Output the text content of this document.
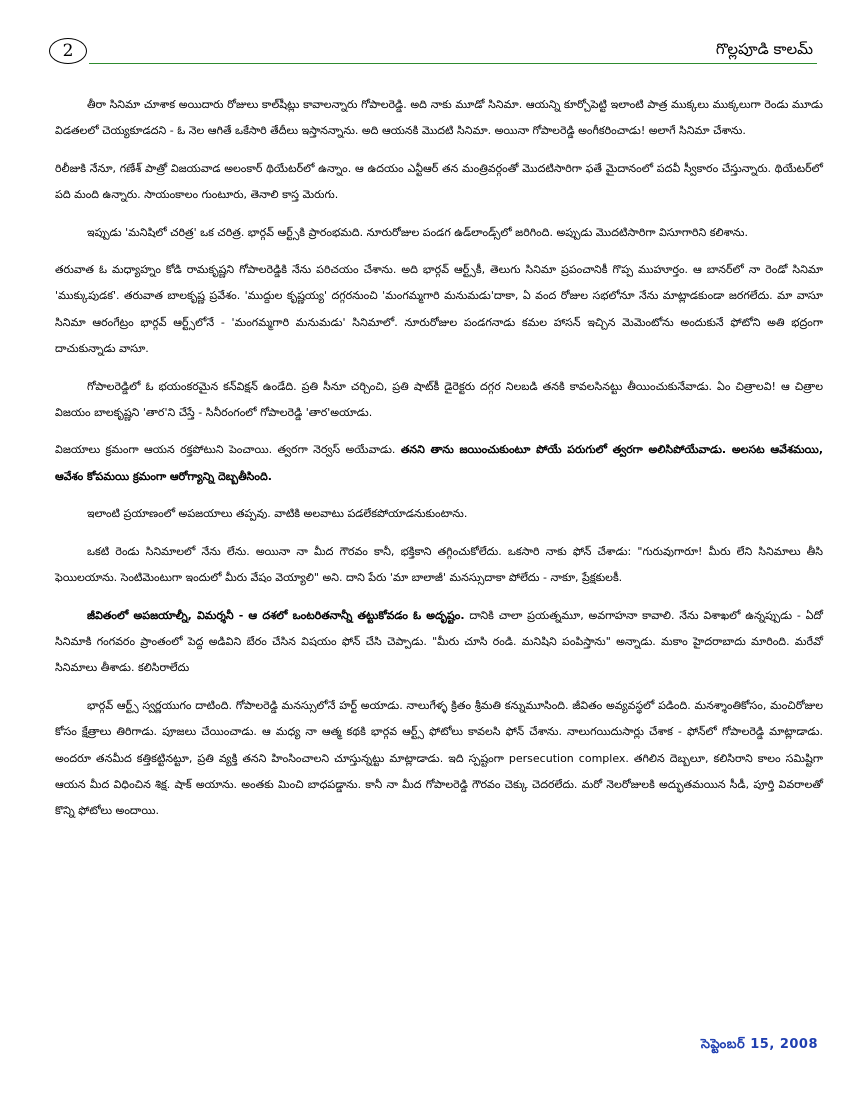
2	గొల్లపూడి కాలమ్

తీరా సినిమా చూశాక అయిదారు రోజులు కాల్‌షీట్లు కావాలన్నారు గోపాలరెడ్డి. అది నాకు మూడో సినిమా. ఆయన్ని కూర్చోపెట్టి ఇలాంటి పాత్ర ముక్కలు ముక్కలుగా రెండు మూడు విడతలలో చెయ్యకూడదని - ఓ నెల ఆగితే ఒకేసారి తేదీలు ఇస్తానన్నాను. అది ఆయనకి మొదటి సినిమా. అయినా గోపాలరెడ్డి అంగీకరించాడు! అలాగే సినిమా చేశాను.

రిలీజుకి నేనూ, గణేశ్ పాత్రో విజయవాడ అలంకార్ థియేటర్‌లో ఉన్నాం. ఆ ఉదయం ఎన్టీఆర్ తన మంత్రివర్గంతో మొదటిసారిగా ఫతే మైదానంలో పదవీ స్వీకారం చేస్తున్నారు. థియేటర్‌లో పది మంది ఉన్నారు. సాయంకాలం గుంటూరు, తెనాలి కాస్త మెరుగు.

ఇప్పుడు 'మనిషిలో చరిత్ర' ఒక చరిత్ర. భార్గవ్ ఆర్ట్స్‌కి ప్రారంభమది. నూరురోజుల పండగ ఉడ్‌లాండ్స్‌లో జరిగింది. అప్పుడు మొదటిసారిగా విసూగారిని కలిశాను.

తరువాత ఓ మధ్యాహ్నం కోడి రామకృష్ణని గోపాలరెడ్డికి నేను పరిచయం చేశాను. అది భార్గవ్ ఆర్ట్స్‌కీ, తెలుగు సినిమా ప్రపంచానికీ గొప్ప ముహూర్తం. ఆ బానర్‌లో నా రెండో సినిమా 'ముక్కుపుడక'. తరువాత బాలకృష్ణ ప్రవేశం. 'ముద్దుల కృష్ణయ్య' దగ్గరనుంచి 'మంగమ్మగారి మనుమడు'దాకా, ఏ వంద రోజుల సభలోనూ నేను మాట్లాడకుండా జరగలేదు. మా వాసూ సినిమా ఆరంగేట్రం భార్గవ్ ఆర్ట్స్‌లోనే - 'మంగమ్మగారి మనుమడు' సినిమాలో. నూరురోజుల పండగనాడు కమల హాసన్ ఇచ్చిన మెమెంటోను అందుకునే ఫోటోని అతి భద్రంగా దాచుకున్నాడు వాసూ.

గోపాలరెడ్డిలో ఓ భయంకరమైన కన్‌విక్షన్ ఉండేది. ప్రతి సీనూ చర్చించి, ప్రతి షాట్‌కీ డైరెక్టరు దగ్గర నిలబడి తనకి కావలసినట్టు తీయించుకునేవాడు. ఏం చిత్రాలవి! ఆ చిత్రాల విజయం బాలకృష్ణని 'తార'ని చేస్తే - సినీరంగంలో గోపాలరెడ్డి 'తార'అయాడు.

విజయాలు క్రమంగా ఆయన రక్తపోటుని పెంచాయి. త్వరగా నెర్వస్ అయేవాడు. తనని తాను జయించుకుంటూ పోయే పరుగులో త్వరగా అలిసిపోయేవాడు. అలసట ఆవేశమయి, ఆవేశం కోపమయి క్రమంగా ఆరోగ్యాన్ని దెబ్బతీసింది.

ఇలాంటి ప్రయాణంలో అపజయాలు తప్పవు. వాటికి అలవాటు పడలేకపోయాడనుకుంటాను.

ఒకటి రెండు సినిమాలలో నేను లేను. అయినా నా మీద గౌరవం కానీ, భక్తికాని తగ్గించుకోలేదు. ఒకసారి నాకు ఫోన్ చేశాడు: "గురువుగారూ! మీరు లేని సినిమాలు తీసి ఫెయిలయాను. సెంటిమెంటుగా ఇందులో మీరు వేషం వెయ్యాలి" అని. దాని పేరు 'మా బాలాజీ' మనస్సుదాకా పోలేదు - నాకూ, ప్రేక్షకులకీ.

జీవితంలో అపజయాల్నీ, విమర్శనీ - ఆ దశలో ఒంటరితనాన్నీ తట్టుకోవడం ఓ అదృష్టం. దానికి చాలా ప్రయత్నమూ, అవగాహనా కావాలి. నేను విశాఖలో ఉన్నప్పుడు - ఏదో సినిమాకి గంగవరం ప్రాంతంలో పెద్ద అడివిని బేరం చేసిన విషయం ఫోన్ చేసి చెప్పాడు. "మీరు చూసి రండి. మనిషిని పంపిస్తాను" అన్నాడు. మకాం హైదరాబాదు మారింది. మరేవో సినిమాలు తీశాడు. కలిసిరాలేదు

భార్గవ్ ఆర్ట్స్ స్వర్ణయుగం దాటింది. గోపాలరెడ్డి మనస్సులోనే హర్ట్ అయాడు. నాలుగేళ్ళ క్రితం శ్రీమతి కన్నుమూసింది. జీవితం అవ్యవస్థలో పడింది. మనశ్శాంతికోసం, మంచిరోజుల కోసం క్షేత్రాలు తిరిగాడు. పూజలు చేయించాడు. ఆ మధ్య నా ఆత్మ కథకి భార్గవ ఆర్ట్స్ ఫోటోలు కావలసి ఫోన్ చేశాను. నాలుగయిదుసార్లు చేశాక - ఫోన్‌లో గోపాలరెడ్డి మాట్లాడాడు. అందరూ తనమీద కత్తికట్టినట్టూ, ప్రతి వ్యక్తి తనని హింసించాలని చూస్తున్నట్టు మాట్లాడాడు. ఇది స్పష్టంగా persecution complex. తగిలిన దెబ్బలూ, కలిసిరాని కాలం సమిష్టిగా ఆయన మీద విధించిన శిక్ష. షాక్ అయాను. అంతకు మించి బాధపడ్డాను. కానీ నా మీద గోపాలరెడ్డి గౌరవం చెక్కు చెదరలేదు. మరో నెలరోజులకి అద్భుతమయిన సీడీ, పూర్తి వివరాలతో కొన్ని ఫోటోలు అందాయి.

సెప్టెంబర్ 15, 2008
